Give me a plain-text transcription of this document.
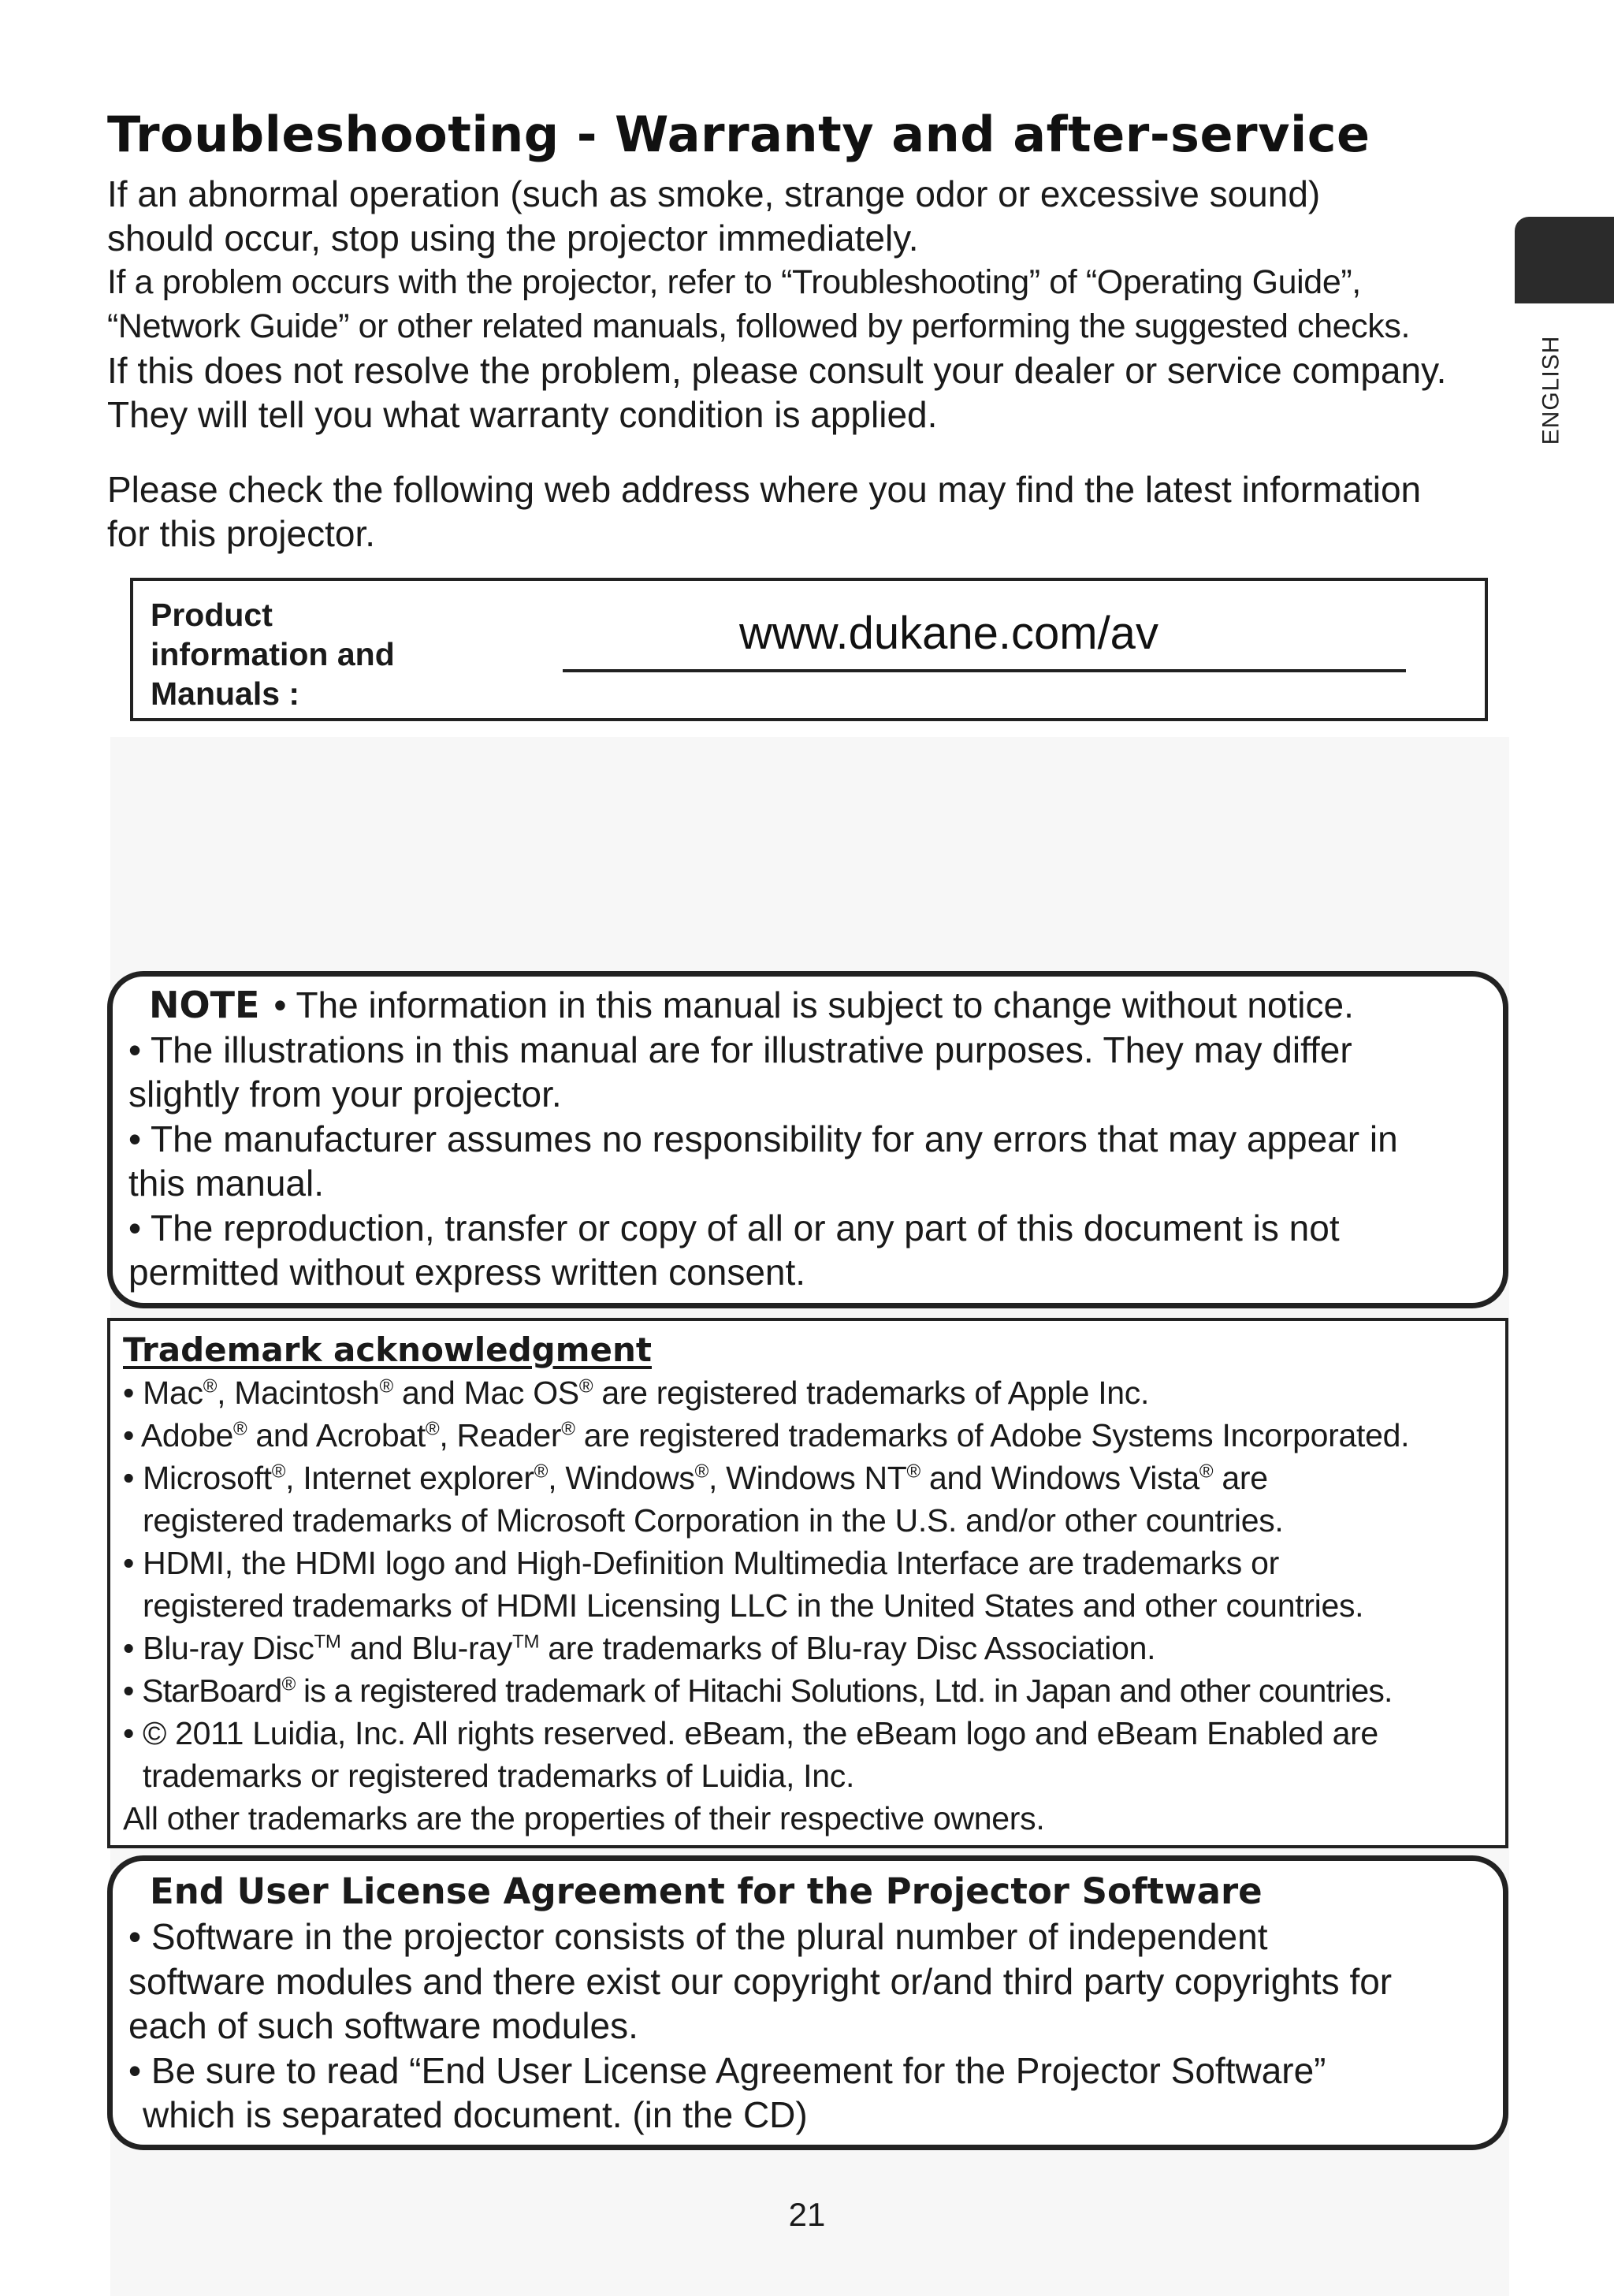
Troubleshooting - Warranty and after-service
ENGLISH

If an abnormal operation (such as smoke, strange odor or excessive sound)

should occur, stop using the projector immediately.

If a problem occurs with the projector, refer to “Troubleshooting” of “Operating Guide”,

“Network Guide” or other related manuals, followed by performing the suggested checks.

If this does not resolve the problem, please consult your dealer or service company.

They will tell you what warranty condition is applied.

Please check the following web address where you may find the latest information

for this projector.

Product
information and
Manuals :

www.dukane.com/av

NOTE • The information in this manual is subject to change without notice.

• The illustrations in this manual are for illustrative purposes. They may differ

slightly from your projector.

• The manufacturer assumes no responsibility for any errors that may appear in

this manual.

• The reproduction, transfer or copy of all or any part of this document is not

permitted without express written consent.

Trademark acknowledgment

• Mac®, Macintosh® and Mac OS® are registered trademarks of Apple Inc.

• Adobe® and Acrobat®, Reader® are registered trademarks of Adobe Systems Incorporated.

• Microsoft®, Internet explorer®, Windows®, Windows NT® and Windows Vista® are

registered trademarks of Microsoft Corporation in the U.S. and/or other countries.

• HDMI, the HDMI logo and High-Definition Multimedia Interface are trademarks or

registered trademarks of HDMI Licensing LLC in the United States and other countries.

• Blu-ray Disc™ and Blu-ray™ are trademarks of Blu-ray Disc Association.

• StarBoard® is a registered trademark of Hitachi Solutions, Ltd. in Japan and other countries.

• © 2011 Luidia, Inc. All rights reserved. eBeam, the eBeam logo and eBeam Enabled are

trademarks or registered trademarks of Luidia, Inc.

All other trademarks are the properties of their respective owners.

End User License Agreement for the Projector Software

• Software in the projector consists of the plural number of independent

software modules and there exist our copyright or/and third party copyrights for

each of such software modules.

• Be sure to read “End User License Agreement for the Projector Software”

which is separated document. (in the CD)

21
